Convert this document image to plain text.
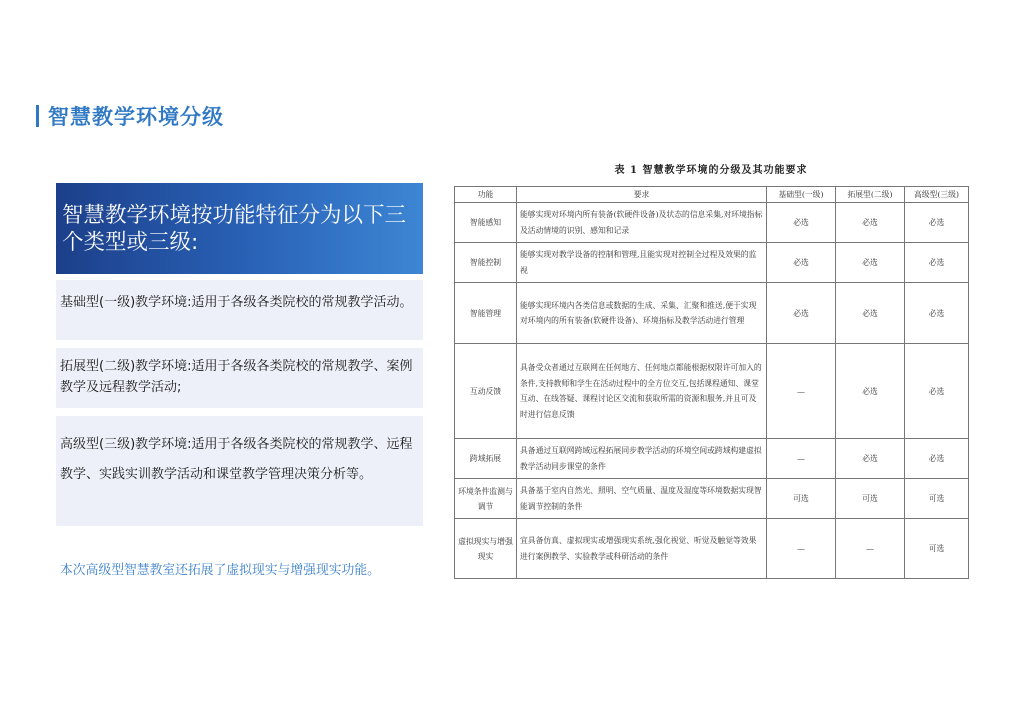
智慧教学环境分级
智慧教学环境按功能特征分为以下三个类型或三级:
基础型(一级)教学环境:适用于各级各类院校的常规教学活动。
拓展型(二级)教学环境:适用于各级各类院校的常规教学、案例教学及远程教学活动;
高级型(三级)教学环境:适用于各级各类院校的常规教学、远程教学、实践实训教学活动和课堂教学管理决策分析等。
本次高级型智慧教室还拓展了虚拟现实与增强现实功能。
表 1 智慧教学环境的分级及其功能要求
功能	要求	基础型(一级)	拓展型(二级)	高级型(三级)
智能感知	能够实现对环境内所有装备(软硬件设备)及状态的信息采集,对环境指标及活动情境的识别、感知和记录	必选	必选	必选
智能控制	能够实现对教学设备的控制和管理,且能实现对控制全过程及效果的监视	必选	必选	必选
智能管理	能够实现环境内各类信息或数据的生成、采集、汇聚和推送,便于实现对环境内的所有装备(软硬件设备)、环境指标及教学活动进行管理	必选	必选	必选
互动反馈	具备受众者通过互联网在任何地方、任何地点都能根据权限许可加入的条件,支持教师和学生在活动过程中的全方位交互,包括课程通知、课堂互动、在线答疑、课程讨论区交流和获取所需的资源和服务,并且可及时进行信息反馈	—	必选	必选
跨域拓展	具备通过互联网跨域远程拓展同步教学活动的环境空间或跨域构建虚拟教学活动同步课堂的条件	—	必选	必选
环境条件监测与调节	具备基于室内自然光、照明、空气质量、温度及湿度等环境数据实现智能调节控制的条件	可选	可选	可选
虚拟现实与增强现实	宜具备仿真、虚拟现实或增强现实系统,强化视觉、听觉及触觉等效果进行案例教学、实验教学或科研活动的条件	—	—	可选
